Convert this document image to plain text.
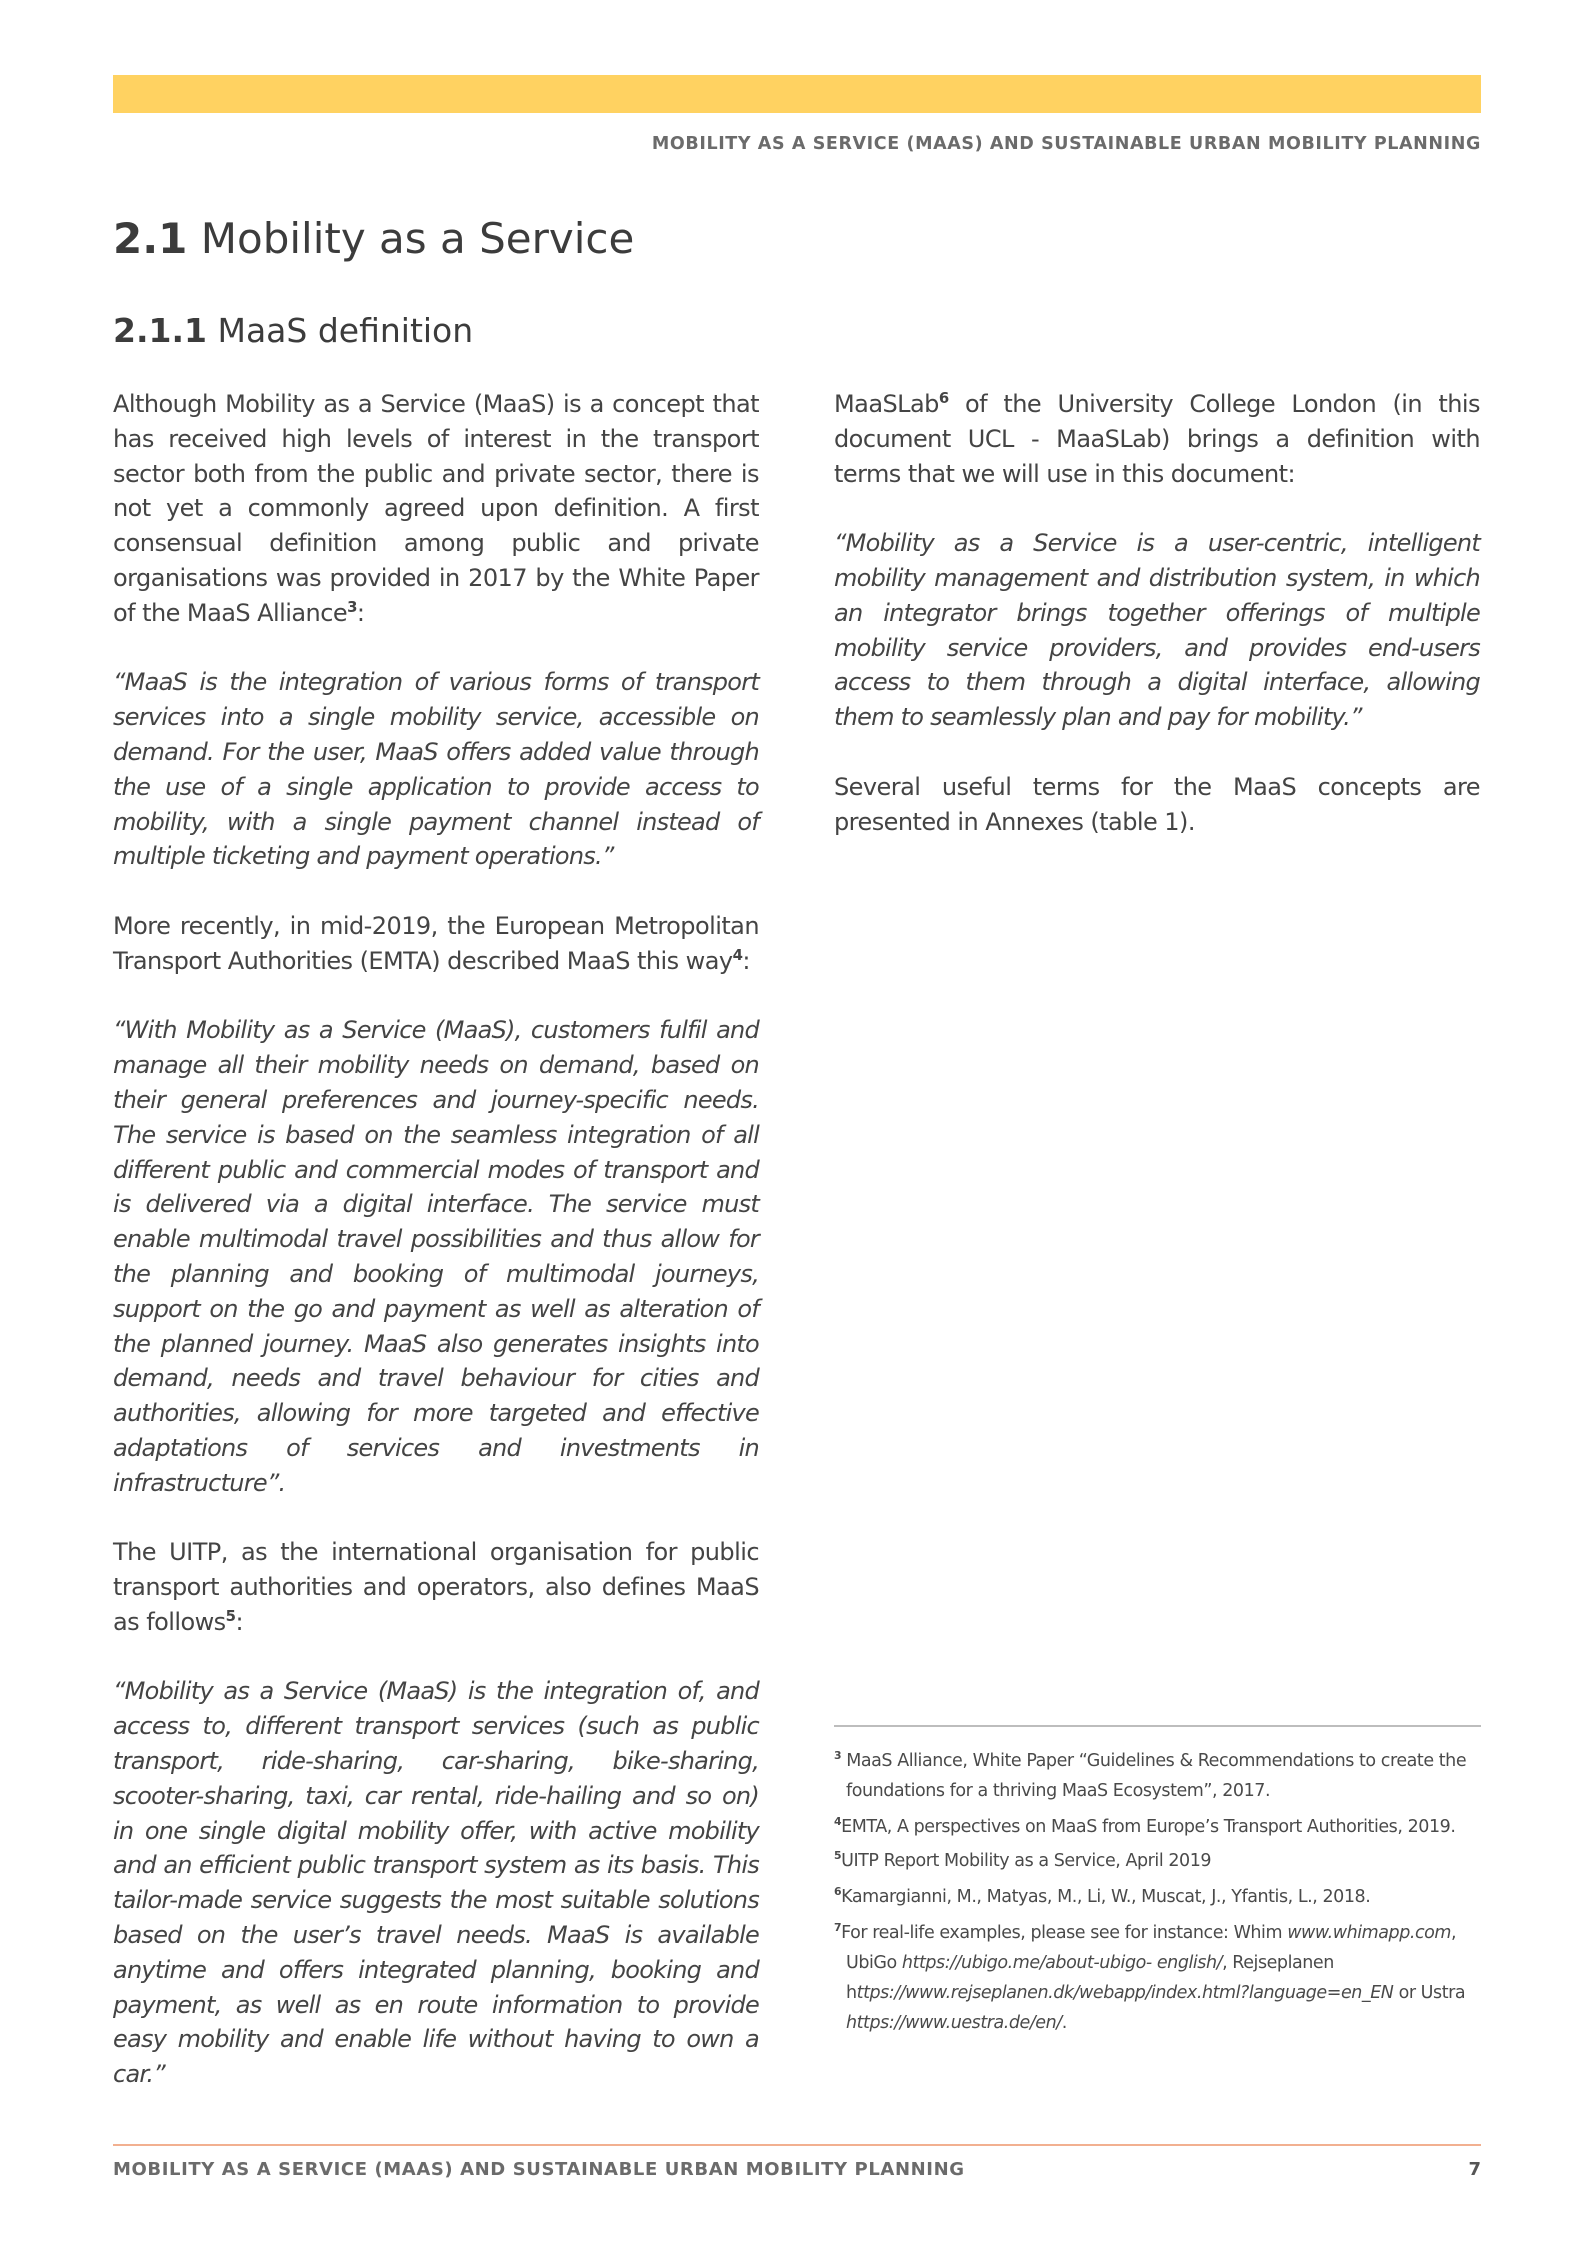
MOBILITY AS A SERVICE (MAAS) AND SUSTAINABLE URBAN MOBILITY PLANNING
2.1 Mobility as a Service
2.1.1 MaaS definition

Although Mobility as a Service (MaaS) is a concept that has received high levels of interest in the transport sector both from the public and private sector, there is not yet a commonly agreed upon definition. A first consensual definition among public and private organisations was provided in 2017 by the White Paper of the MaaS Alliance$^3$:

“MaaS is the integration of various forms of transport services into a single mobility service, accessible on demand. For the user, MaaS offers added value through the use of a single application to provide access to mobility, with a single payment channel instead of multiple ticketing and payment operations.”

More recently, in mid-2019, the European Metropolitan Transport Authorities (EMTA) described MaaS this way$^4$:

“With Mobility as a Service (MaaS), customers fulfil and manage all their mobility needs on demand, based on their general preferences and journey-specific needs. The service is based on the seamless integration of all different public and commercial modes of transport and is delivered via a digital interface. The service must enable multimodal travel possibilities and thus allow for the planning and booking of multimodal journeys, support on the go and payment as well as alteration of the planned journey. MaaS also generates insights into demand, needs and travel behaviour for cities and authorities, allowing for more targeted and effective adaptations of services and investments in infrastructure”.

The UITP, as the international organisation for public transport authorities and operators, also defines MaaS as follows$^5$:

“Mobility as a Service (MaaS) is the integration of, and access to, different transport services (such as public transport, ride-sharing, car-sharing, bike-sharing, scooter-sharing, taxi, car rental, ride-hailing and so on) in one single digital mobility offer, with active mobility and an efficient public transport system as its basis. This tailor-made service suggests the most suitable solutions based on the user’s travel needs. MaaS is available anytime and offers integrated planning, booking and payment, as well as en route information to provide easy mobility and enable life without having to own a car.”

MaaSLab$^6$ of the University College London (in this document UCL - MaaSLab) brings a definition with terms that we will use in this document:

“Mobility as a Service is a user-centric, intelligent mobility management and distribution system, in which an integrator brings together offerings of multiple mobility service providers, and provides end-users access to them through a digital interface, allowing them to seamlessly plan and pay for mobility.”

Several useful terms for the MaaS concepts are presented in Annexes (table 1).

$^3$ MaaS Alliance, White Paper “Guidelines & Recommendations to create the foundations for a thriving MaaS Ecosystem”, 2017.
$^4$EMTA, A perspectives on MaaS from Europe’s Transport Authorities, 2019.
$^5$UITP Report Mobility as a Service, April 2019
$^6$Kamargianni, M., Matyas, M., Li, W., Muscat, J., Yfantis, L., 2018.
$^7$For real-life examples, please see for instance: Whim www.whimapp.com, UbiGo https://ubigo.me/about-ubigo- english/, Rejseplanen https://www.rejseplanen.dk/webapp/index.html?language=en_EN or Ustra https://www.uestra.de/en/.
MOBILITY AS A SERVICE (MAAS) AND SUSTAINABLE URBAN MOBILITY PLANNING	7
